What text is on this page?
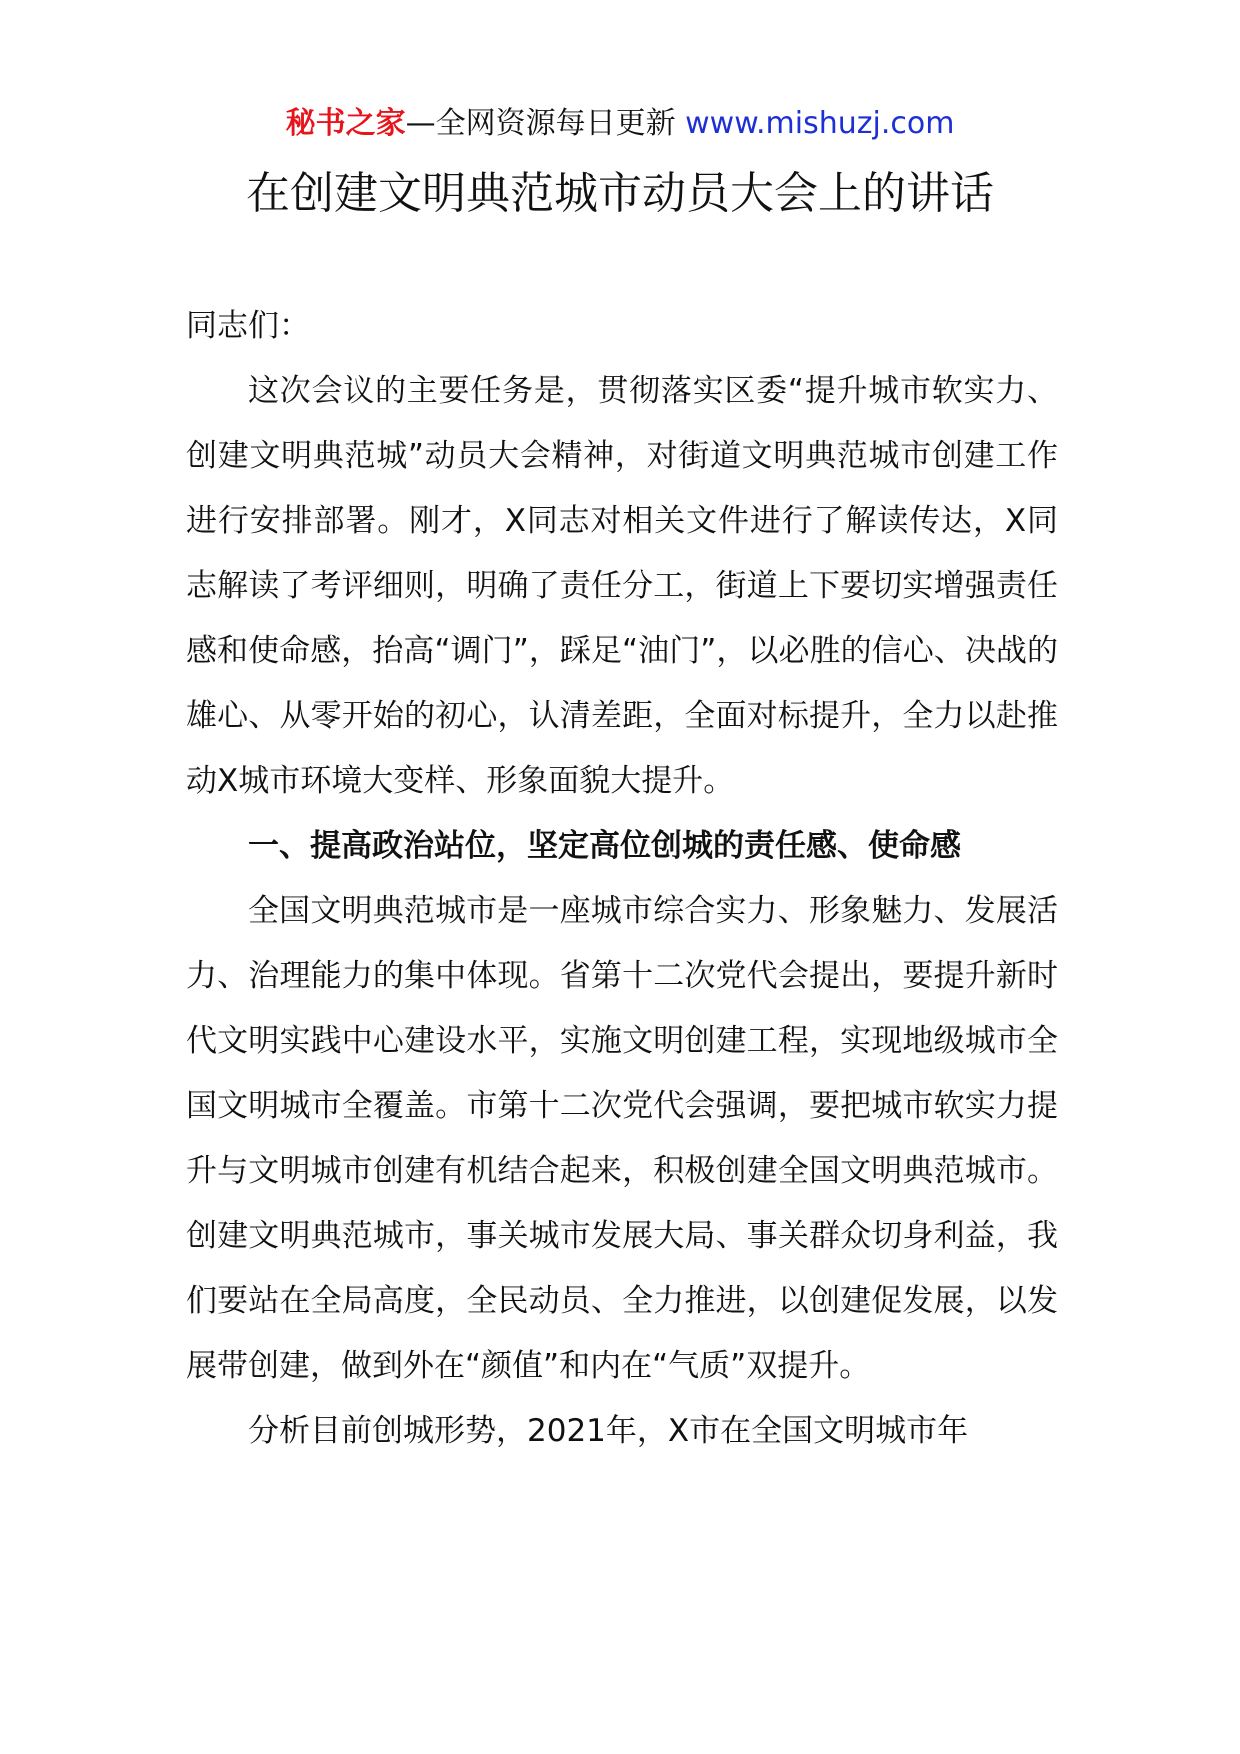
秘书之家—全网资源每日更新 www.mishuzj.com
在创建文明典范城市动员大会上的讲话

同志们：

这次会议的主要任务是，贯彻落实区委“提升城市软实力、创建文明典范城”动员大会精神，对街道文明典范城市创建工作进行安排部署。刚才，X同志对相关文件进行了解读传达，X同志解读了考评细则，明确了责任分工，街道上下要切实增强责任感和使命感，抬高“调门”，踩足“油门”，以必胜的信心、决战的雄心、从零开始的初心，认清差距，全面对标提升，全力以赴推动X城市环境大变样、形象面貌大提升。

一、提高政治站位，坚定高位创城的责任感、使命感

全国文明典范城市是一座城市综合实力、形象魅力、发展活力、治理能力的集中体现。省第十二次党代会提出，要提升新时代文明实践中心建设水平，实施文明创建工程，实现地级城市全国文明城市全覆盖。市第十二次党代会强调，要把城市软实力提升与文明城市创建有机结合起来，积极创建全国文明典范城市。创建文明典范城市，事关城市发展大局、事关群众切身利益，我们要站在全局高度，全民动员、全力推进，以创建促发展，以发展带创建，做到外在“颜值”和内在“气质”双提升。

分析目前创城形势，2021年，X市在全国文明城市年
